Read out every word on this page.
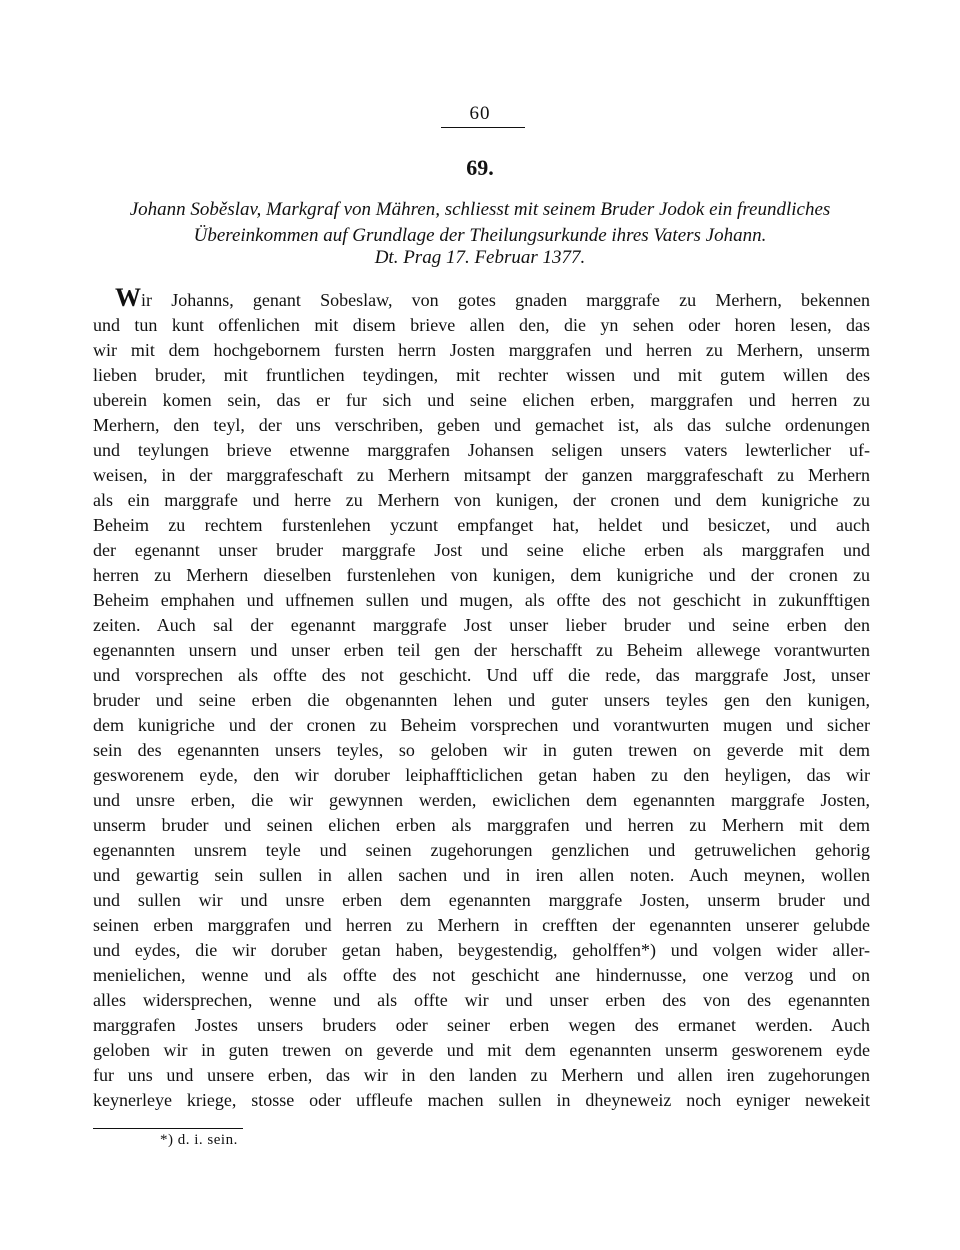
60
69.
Johann Soběslav, Markgraf von Mähren, schliesst mit seinem Bruder Jodok ein freundliches
Übereinkommen auf Grundlage der Theilungsurkunde ihres Vaters Johann.
Dt. Prag 17. Februar 1377.
Wir Johanns, genant Sobeslaw, von gotes gnaden marggrafe zu Merhern, bekennen
und tun kunt offenlichen mit disem brieve allen den, die yn sehen oder horen lesen, das
wir mit dem hochgebornem fursten herrn Josten marggrafen und herren zu Merhern, unserm
lieben bruder, mit fruntlichen teydingen, mit rechter wissen und mit gutem willen des
uberein komen sein, das er fur sich und seine elichen erben, marggrafen und herren zu
Merhern, den teyl, der uns verschriben, geben und gemachet ist, als das sulche ordenungen
und teylungen brieve etwenne marggrafen Johansen seligen unsers vaters lewterlicher uf-
weisen, in der marggrafeschaft zu Merhern mitsampt der ganzen marggrafeschaft zu Merhern
als ein marggrafe und herre zu Merhern von kunigen, der cronen und dem kunigriche zu
Beheim zu rechtem furstenlehen yczunt empfanget hat, heldet und besiczet, und auch
der egenannt unser bruder marggrafe Jost und seine eliche erben als marggrafen und
herren zu Merhern dieselben furstenlehen von kunigen, dem kunigriche und der cronen zu
Beheim emphahen und uffnemen sullen und mugen, als offte des not geschicht in zukunfftigen
zeiten. Auch sal der egenannt marggrafe Jost unser lieber bruder und seine erben den
egenannten unsern und unser erben teil gen der herschafft zu Beheim allewege vorantwurten
und vorsprechen als offte des not geschicht. Und uff die rede, das marggrafe Jost, unser
bruder und seine erben die obgenannten lehen und guter unsers teyles gen den kunigen,
dem kunigriche und der cronen zu Beheim vorsprechen und vorantwurten mugen und sicher
sein des egenannten unsers teyles, so geloben wir in guten trewen on geverde mit dem
gesworenem eyde, den wir doruber leiphaffticlichen getan haben zu den heyligen, das wir
und unsre erben, die wir gewynnen werden, ewiclichen dem egenannten marggrafe Josten,
unserm bruder und seinen elichen erben als marggrafen und herren zu Merhern mit dem
egenannten unsrem teyle und seinen zugehorungen genzlichen und getruwelichen gehorig
und gewartig sein sullen in allen sachen und in iren allen noten. Auch meynen, wollen
und sullen wir und unsre erben dem egenannten marggrafe Josten, unserm bruder und
seinen erben marggrafen und herren zu Merhern in crefften der egenannten unserer gelubde
und eydes, die wir doruber getan haben, beygestendig, geholffen*) und volgen wider aller-
menielichen, wenne und als offte des not geschicht ane hindernusse, one verzog und on
alles widersprechen, wenne und als offte wir und unser erben des von des egenannten
marggrafen Jostes unsers bruders oder seiner erben wegen des ermanet werden. Auch
geloben wir in guten trewen on geverde und mit dem egenannten unserm gesworenem eyde
fur uns und unsere erben, das wir in den landen zu Merhern und allen iren zugehorungen
keynerleye kriege, stosse oder uffleufe machen sullen in dheyneweiz noch eyniger newekeit
*) d. i. sein.
